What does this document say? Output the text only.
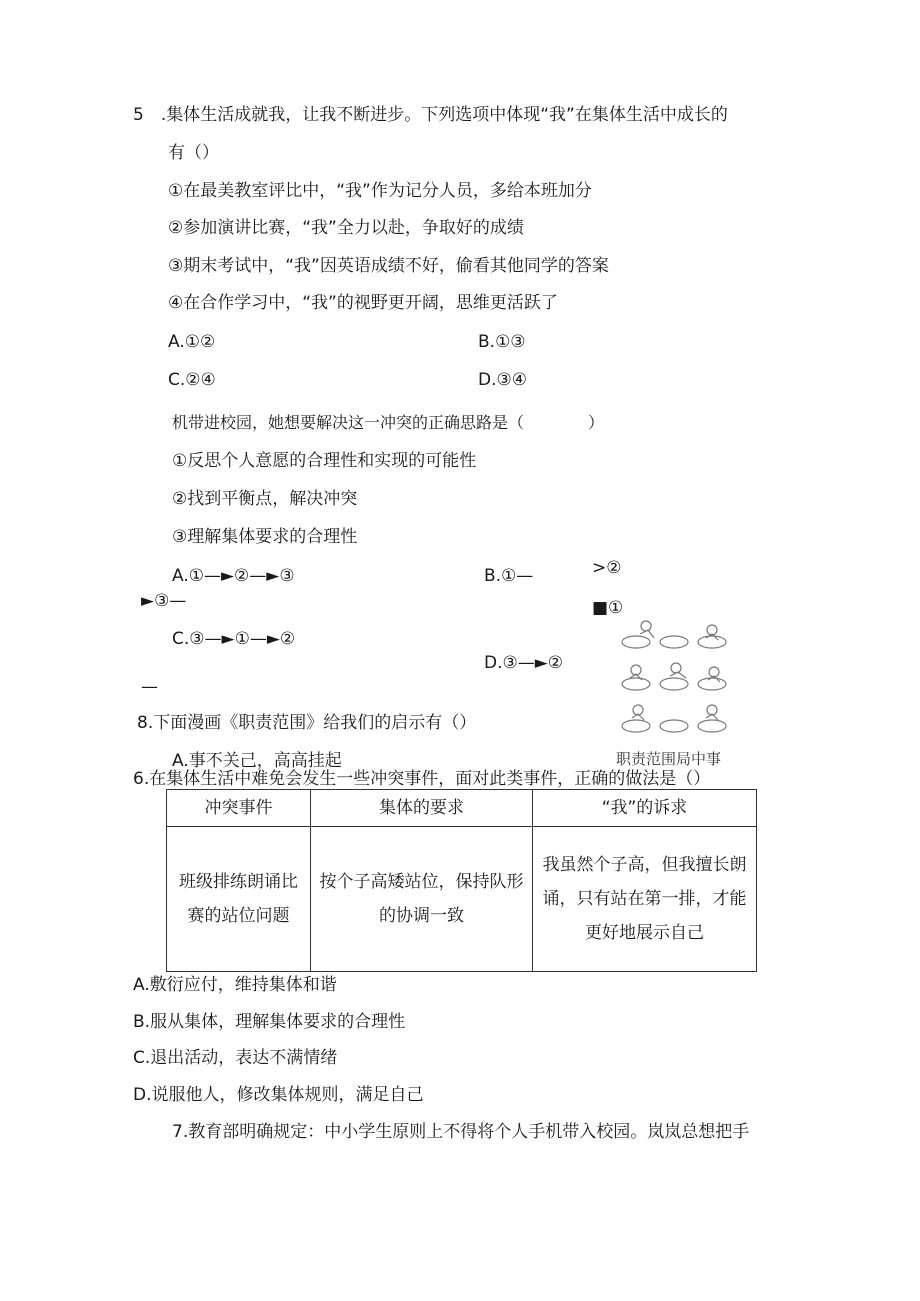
5　.集体生活成就我，让我不断进步。下列选项中体现“我”在集体生活中成长的
有（）
①在最美教室评比中，“我”作为记分人员，多给本班加分
②参加演讲比赛，“我”全力以赴，争取好的成绩
③期末考试中，“我”因英语成绩不好，偷看其他同学的答案
④在合作学习中，“我”的视野更开阔，思维更活跃了
A.①②	B.①③
C.②④	D.③④
机带进校园，她想要解决这一冲突的正确思路是（　　　　）
①反思个人意愿的合理性和实现的可能性
②找到平衡点，解决冲突
③理解集体要求的合理性
A.①—►②—►③	B.①—	>②
►③—	■①
C.③—►①—►②
D.③—►②
—
职责范围局中事
8.下面漫画《职责范围》给我们的启示有（）
A.事不关己，高高挂起
6.在集体生活中难免会发生一些冲突事件，面对此类事件，正确的做法是（）
冲突事件	集体的要求	“我”的诉求
班级排练朗诵比赛的站位问题	按个子高矮站位，保持队形的协调一致	我虽然个子高，但我擅长朗诵，只有站在第一排，才能更好地展示自己
A.敷衍应付，维持集体和谐
B.服从集体，理解集体要求的合理性
C.退出活动，表达不满情绪
D.说服他人，修改集体规则，满足自己
7.教育部明确规定：中小学生原则上不得将个人手机带入校园。岚岚总想把手
